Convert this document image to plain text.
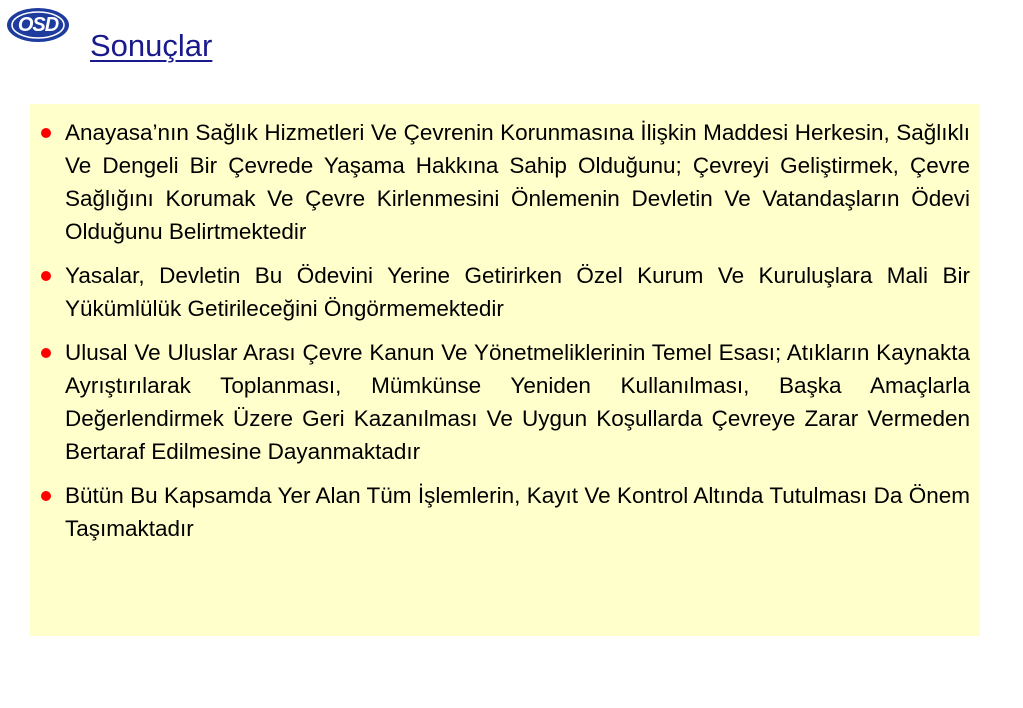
OSD
Sonuçlar
Anayasa’nın Sağlık Hizmetleri Ve Çevrenin Korunmasına İlişkin Maddesi Herkesin, Sağlıklı Ve Dengeli Bir Çevrede Yaşama Hakkına Sahip Olduğunu; Çevreyi Geliştirmek, Çevre Sağlığını Korumak Ve Çevre Kirlenmesini Önlemenin Devletin Ve Vatandaşların Ödevi Olduğunu Belirtmektedir
Yasalar, Devletin Bu Ödevini Yerine Getirirken Özel Kurum Ve Kuruluşlara Mali Bir Yükümlülük Getirileceğini Öngörmemektedir
Ulusal Ve Uluslar Arası Çevre Kanun Ve Yönetmeliklerinin Temel Esası; Atıkların Kaynakta Ayrıştırılarak Toplanması, Mümkünse Yeniden Kullanılması, Başka Amaçlarla Değerlendirmek Üzere Geri Kazanılması Ve Uygun Koşullarda Çevreye Zarar Vermeden Bertaraf Edilmesine Dayanmaktadır
Bütün Bu Kapsamda Yer Alan Tüm İşlemlerin, Kayıt Ve Kontrol Altında Tutulması Da Önem Taşımaktadır
